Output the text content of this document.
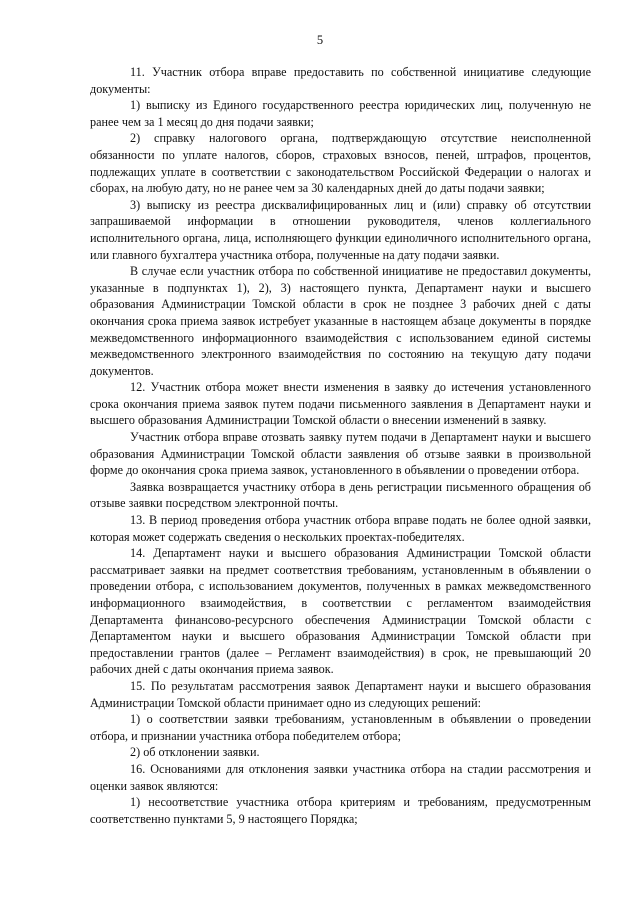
5

11. Участник отбора вправе предоставить по собственной инициативе следующие документы:

1) выписку из Единого государственного реестра юридических лиц, полученную не ранее чем за 1 месяц до дня подачи заявки;

2) справку налогового органа, подтверждающую отсутствие неисполненной обязанности по уплате налогов, сборов, страховых взносов, пеней, штрафов, процентов, подлежащих уплате в соответствии с законодательством Российской Федерации о налогах и сборах, на любую дату, но не ранее чем за 30 календарных дней до даты подачи заявки;

3) выписку из реестра дисквалифицированных лиц и (или) справку об отсутствии запрашиваемой информации в отношении руководителя, членов коллегиального исполнительного органа, лица, исполняющего функции единоличного исполнительного органа, или главного бухгалтера участника отбора, полученные на дату подачи заявки.

В случае если участник отбора по собственной инициативе не предоставил документы, указанные в подпунктах 1), 2), 3) настоящего пункта, Департамент науки и высшего образования Администрации Томской области в срок не позднее 3 рабочих дней с даты окончания срока приема заявок истребует указанные в настоящем абзаце документы в порядке межведомственного информационного взаимодействия с использованием единой системы межведомственного электронного взаимодействия по состоянию на текущую дату подачи документов.

12. Участник отбора может внести изменения в заявку до истечения установленного срока окончания приема заявок путем подачи письменного заявления в Департамент науки и высшего образования Администрации Томской области о внесении изменений в заявку.

Участник отбора вправе отозвать заявку путем подачи в Департамент науки и высшего образования Администрации Томской области заявления об отзыве заявки в произвольной форме до окончания срока приема заявок, установленного в объявлении о проведении отбора.

Заявка возвращается участнику отбора в день регистрации письменного обращения об отзыве заявки посредством электронной почты.

13. В период проведения отбора участник отбора вправе подать не более одной заявки, которая может содержать сведения о нескольких проектах-победителях.

14. Департамент науки и высшего образования Администрации Томской области рассматривает заявки на предмет соответствия требованиям, установленным в объявлении о проведении отбора, с использованием документов, полученных в рамках межведомственного информационного взаимодействия, в соответствии с регламентом взаимодействия Департамента финансово-ресурсного обеспечения Администрации Томской области с Департаментом науки и высшего образования Администрации Томской области при предоставлении грантов (далее – Регламент взаимодействия) в срок, не превышающий 20 рабочих дней с даты окончания приема заявок.

15. По результатам рассмотрения заявок Департамент науки и высшего образования Администрации Томской области принимает одно из следующих решений:

1) о соответствии заявки требованиям, установленным в объявлении о проведении отбора, и признании участника отбора победителем отбора;

2) об отклонении заявки.

16. Основаниями для отклонения заявки участника отбора на стадии рассмотрения и оценки заявок являются:

1) несоответствие участника отбора критериям и требованиям, предусмотренным соответственно пунктами 5, 9 настоящего Порядка;
